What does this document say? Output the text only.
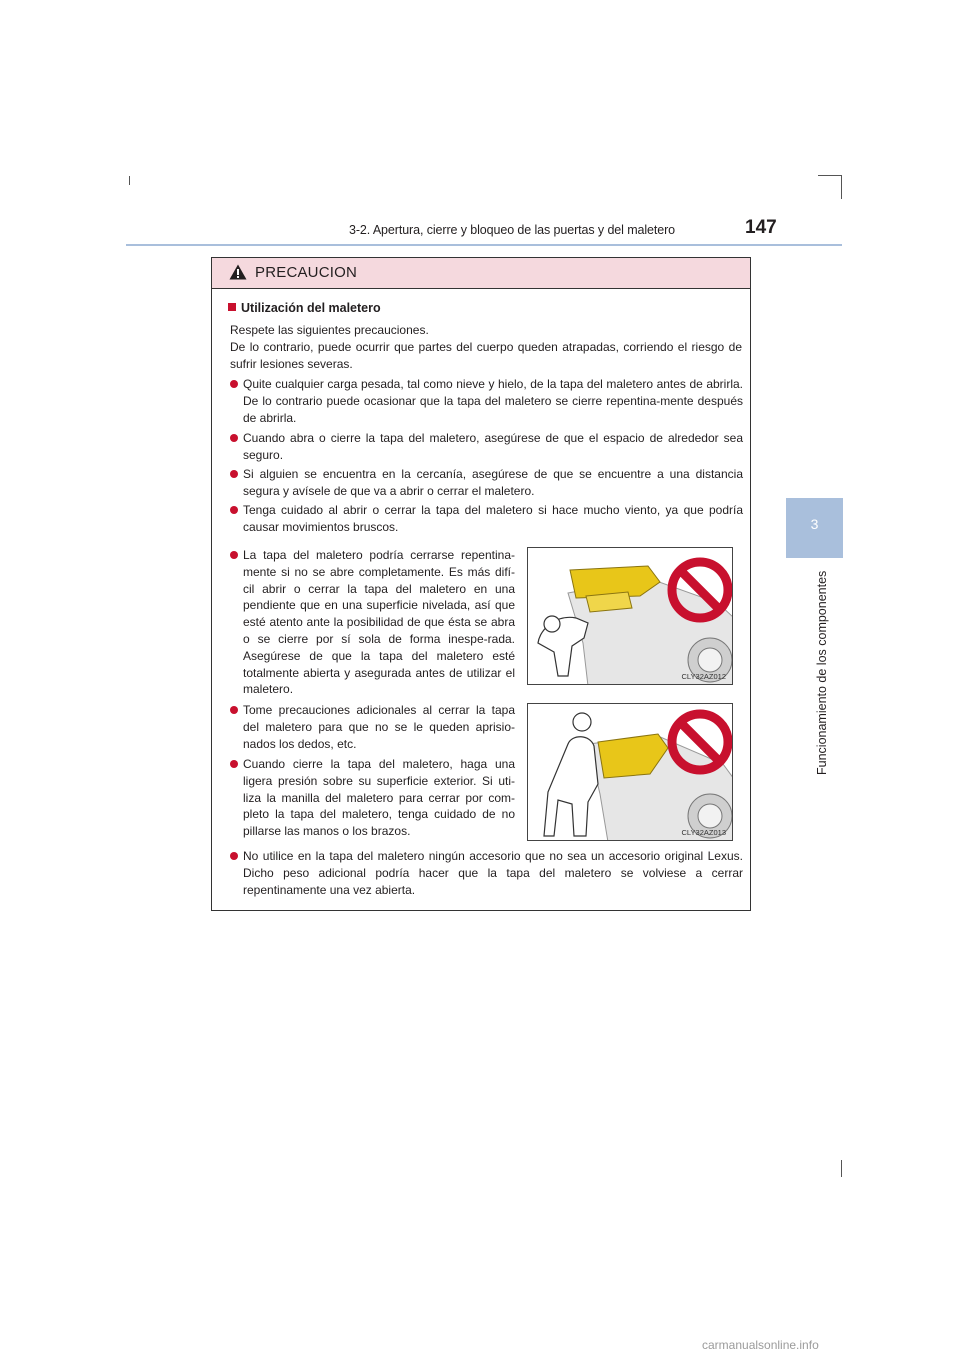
3-2. Apertura, cierre y bloqueo de las puertas y del maletero	147
3
Funcionamiento de los componentes
PRECAUCION
Utilización del maletero
Respete las siguientes precauciones.
De lo contrario, puede ocurrir que partes del cuerpo queden atrapadas, corriendo el riesgo de sufrir lesiones severas.
Quite cualquier carga pesada, tal como nieve y hielo, de la tapa del maletero antes de abrirla. De lo contrario puede ocasionar que la tapa del maletero se cierre repentina-mente después de abrirla.
Cuando abra o cierre la tapa del maletero, asegúrese de que el espacio de alrededor sea seguro.
Si alguien se encuentra en la cercanía, asegúrese de que se encuentre a una distancia segura y avísele de que va a abrir o cerrar el maletero.
Tenga cuidado al abrir o cerrar la tapa del maletero si hace mucho viento, ya que podría causar movimientos bruscos.
La tapa del maletero podría cerrarse repentina-mente si no se abre completamente. Es más difí-cil abrir o cerrar la tapa del maletero en una pendiente que en una superficie nivelada, así que esté atento ante la posibilidad de que ésta se abra o se cierre por sí sola de forma inespe-rada. Asegúrese de que la tapa del maletero esté totalmente abierta y asegurada antes de utilizar el maletero.
Tome precauciones adicionales al cerrar la tapa del maletero para que no se le queden aprisio-nados los dedos, etc.
Cuando cierre la tapa del maletero, haga una ligera presión sobre su superficie exterior. Si uti-liza la manilla del maletero para cerrar por com-pleto la tapa del maletero, tenga cuidado de no pillarse las manos o los brazos.
No utilice en la tapa del maletero ningún accesorio que no sea un accesorio original Lexus. Dicho peso adicional podría hacer que la tapa del maletero se volviese a cerrar repentinamente una vez abierta.
CLY32AZ012
CLY32AZ013
carmanualsonline.info
